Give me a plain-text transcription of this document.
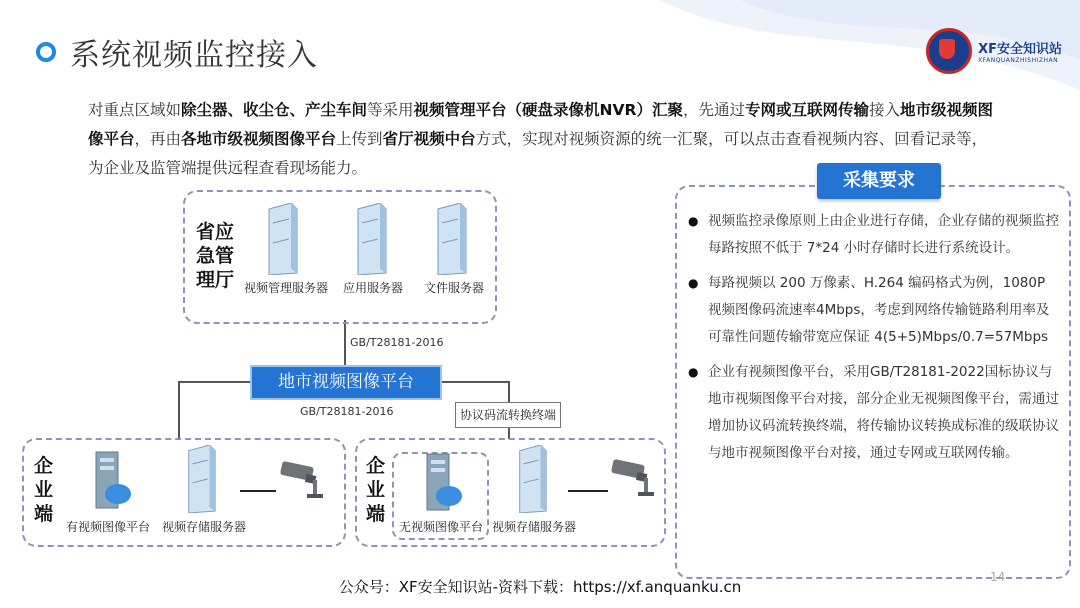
系统视频监控接入	XF安全知识站
XFANQUANZHISHIZHAN
对重点区域如除尘器、收尘仓、产尘车间等采用视频管理平台（硬盘录像机NVR）汇聚，先通过专网或互联网传输接入地市级视频图像平台，再由各地市级视频图像平台上传到省厅视频中台方式，实现对视频资源的统一汇聚，可以点击查看视频内容、回看记录等，为企业及监管端提供远程查看现场能力。
省应
急管
理厅 视频管理服务器 应用服务器 文件服务器
GB/T28181-2016
地市视频图像平台
GB/T28181-2016	协议码流转换终端
企
业
端
有视频图像平台 视频存储服务器
企
业
端
无视频图像平台 视频存储服务器
采集要求
● 视频监控录像原则上由企业进行存储，企业存储的视频监控每路按照不低于 7*24 小时存储时长进行系统设计。
● 每路视频以 200 万像素、H.264 编码格式为例，1080P 视频图像码流速率4Mbps，考虑到网络传输链路利用率及可靠性问题传输带宽应保证 4(5+5)Mbps/0.7=57Mbps
● 企业有视频图像平台，采用GB/T28181-2022国标协议与地市视频图像平台对接，部分企业无视频图像平台，需通过增加协议码流转换终端，将传输协议转换成标准的级联协议与地市视频图像平台对接，通过专网或互联网传输。
14
公众号：XF安全知识站-资料下载：https://xf.anquanku.cn
